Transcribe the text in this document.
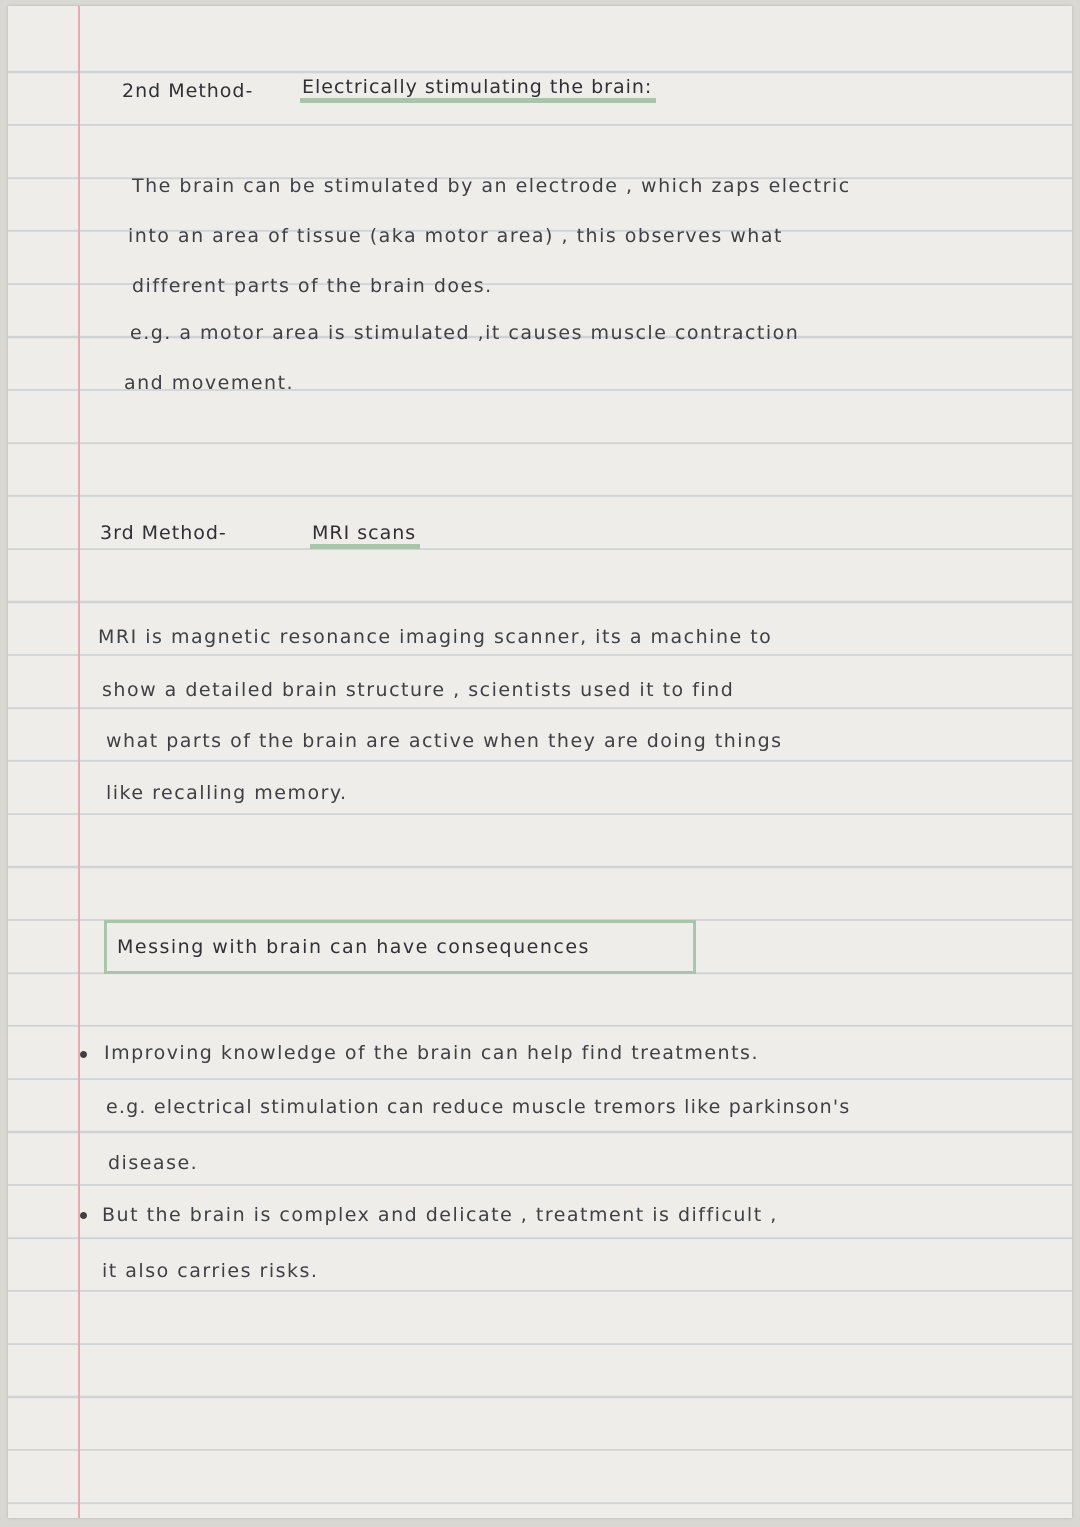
2nd Method-	Electrically stimulating the brain:
The brain can be stimulated by an electrode , which zaps electric
into an area of tissue (aka motor area) , this observes what
different parts of the brain does.
e.g. a motor area is stimulated ,it causes muscle contraction
and movement.
3rd Method-	MRI scans
MRI is magnetic resonance imaging scanner, its a machine to
show a detailed brain structure , scientists used it to find
what parts of the brain are active when they are doing things
like recalling memory.
Messing with brain can have consequences
Improving knowledge of the brain can help find treatments.
e.g. electrical stimulation can reduce muscle tremors like parkinson's
disease.
But the brain is complex and delicate , treatment is difficult ,
it also carries risks.
